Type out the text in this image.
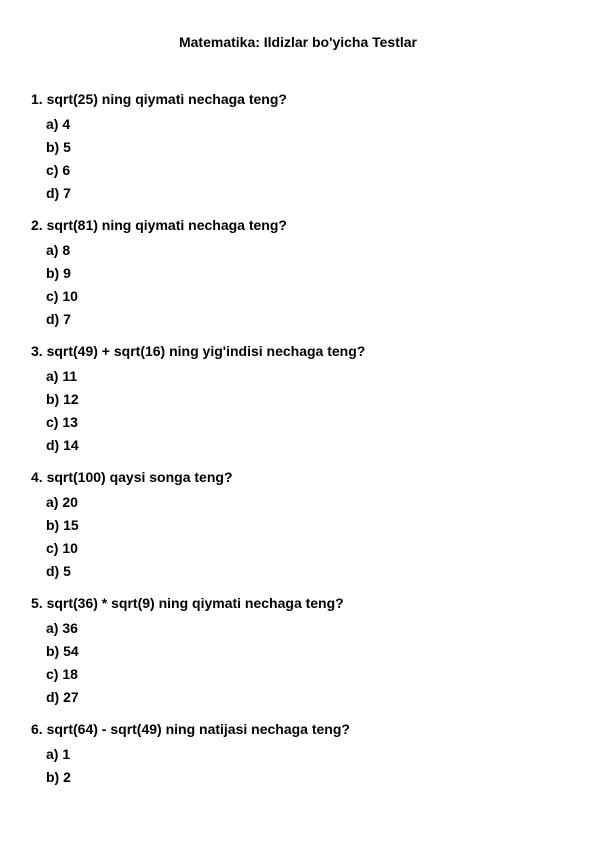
Matematika: Ildizlar bo'yicha Testlar
1. sqrt(25) ning qiymati nechaga teng?
a) 4
b) 5
c) 6
d) 7
2. sqrt(81) ning qiymati nechaga teng?
a) 8
b) 9
c) 10
d) 7
3. sqrt(49) + sqrt(16) ning yig'indisi nechaga teng?
a) 11
b) 12
c) 13
d) 14
4. sqrt(100) qaysi songa teng?
a) 20
b) 15
c) 10
d) 5
5. sqrt(36) * sqrt(9) ning qiymati nechaga teng?
a) 36
b) 54
c) 18
d) 27
6. sqrt(64) - sqrt(49) ning natijasi nechaga teng?
a) 1
b) 2
